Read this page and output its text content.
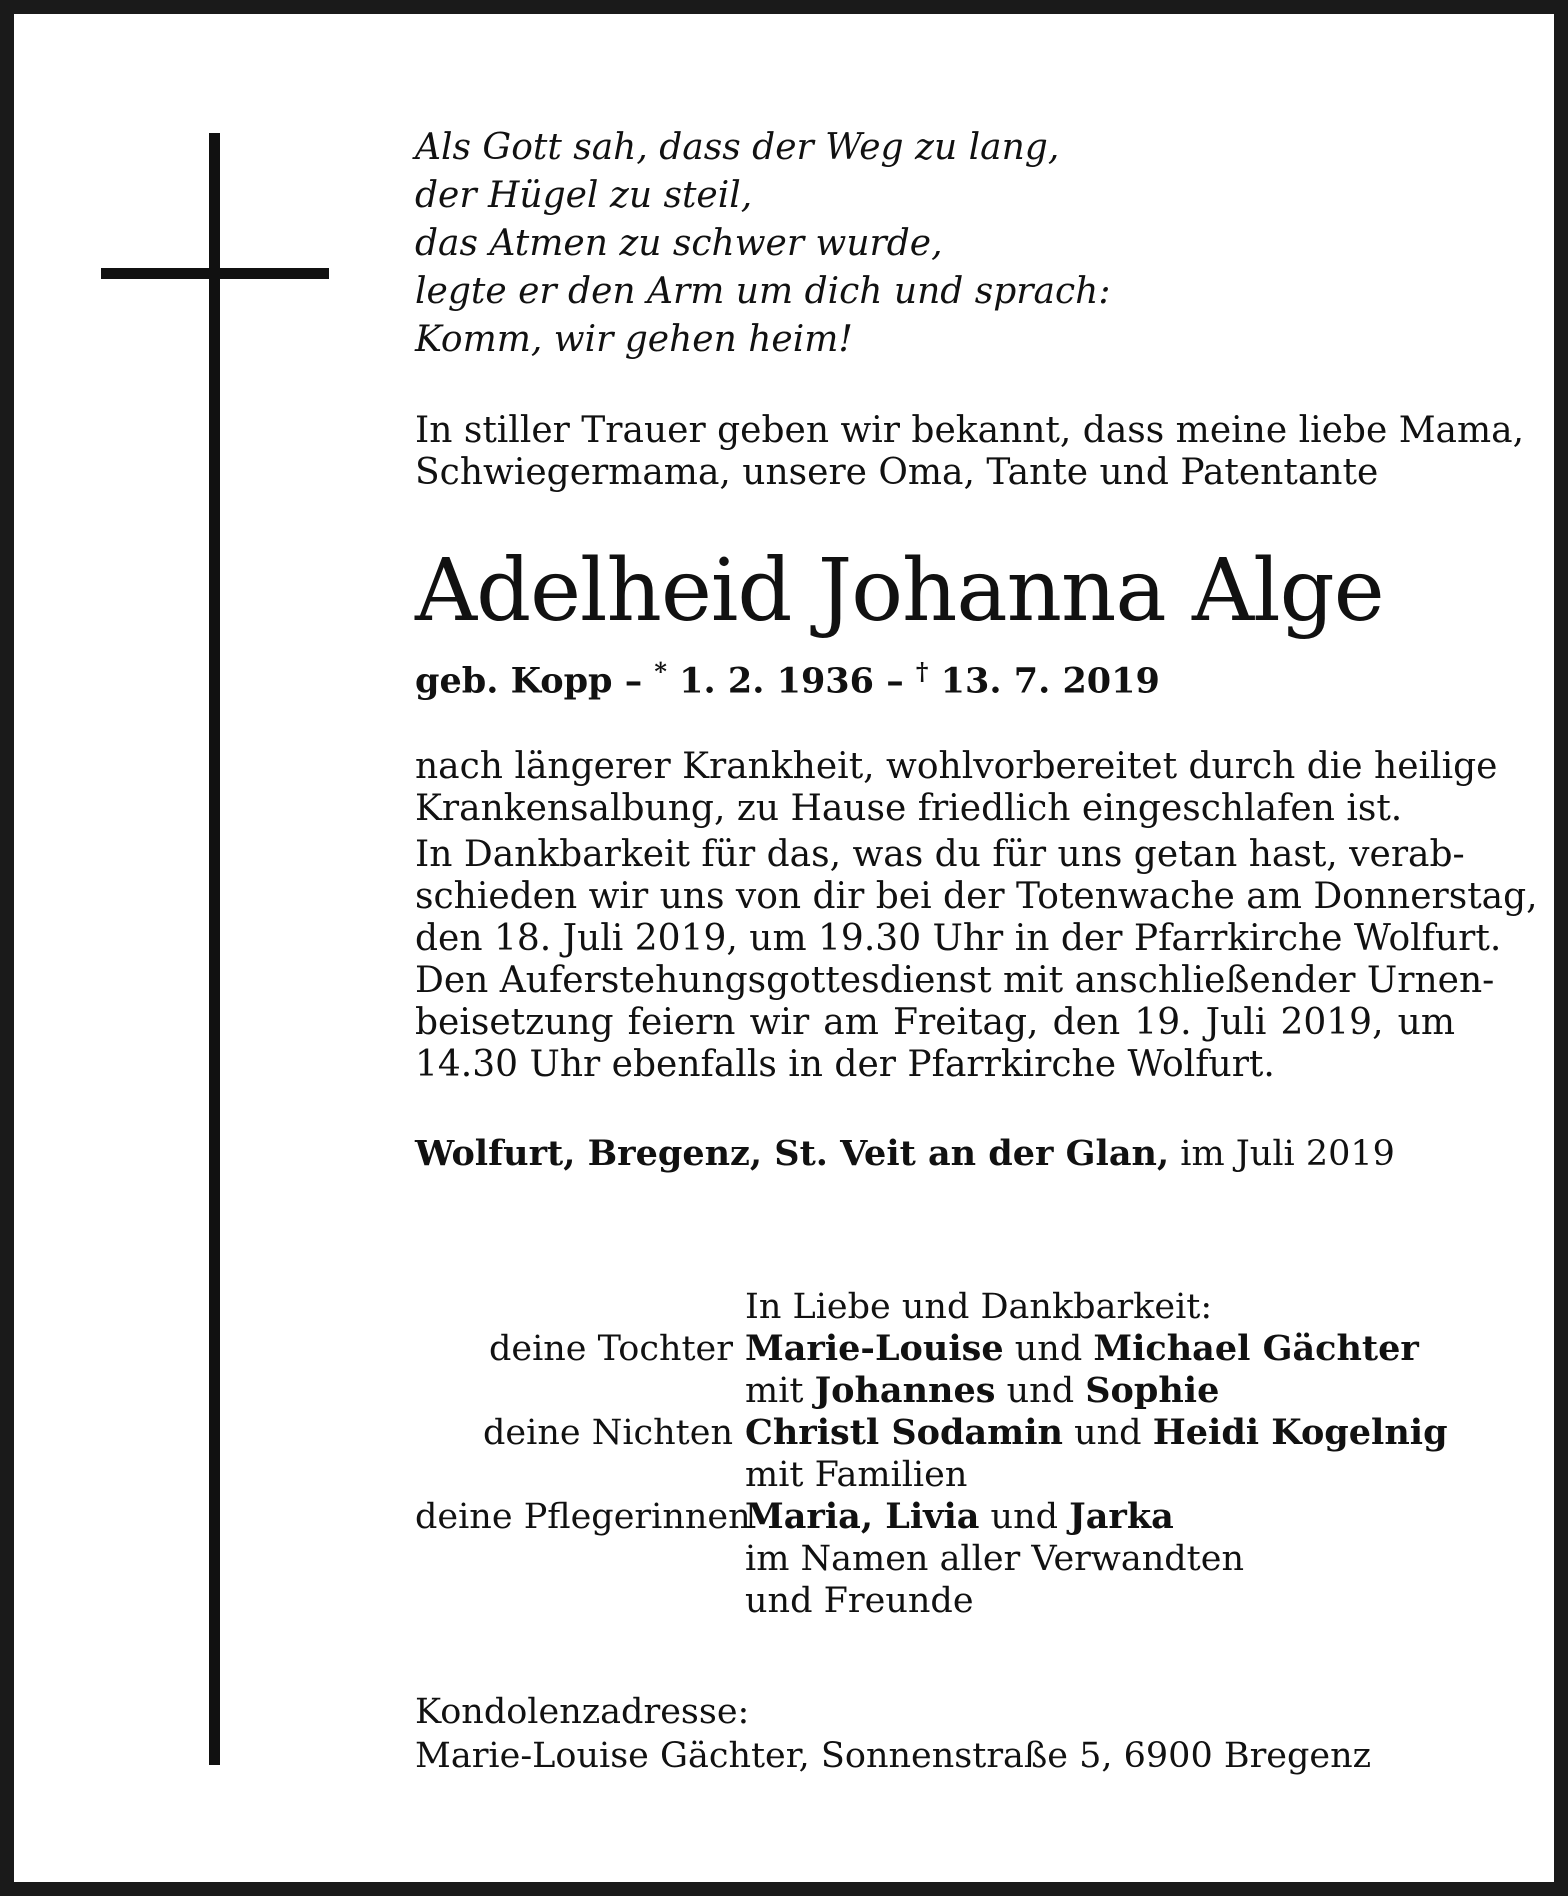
Als Gott sah, dass der Weg zu lang,
der Hügel zu steil,
das Atmen zu schwer wurde,
legte er den Arm um dich und sprach:
Komm, wir gehen heim!
In stiller Trauer geben wir bekannt, dass meine liebe Mama,
Schwiegermama, unsere Oma, Tante und Patentante
Adelheid Johanna Alge
geb. Kopp – * 1. 2. 1936 – † 13. 7. 2019
nach längerer Krankheit, wohlvorbereitet durch die heilige
Krankensalbung, zu Hause friedlich eingeschlafen ist.
In Dankbarkeit für das, was du für uns getan hast, verab-
schieden wir uns von dir bei der Totenwache am Donnerstag,
den 18. Juli 2019, um 19.30 Uhr in der Pfarrkirche Wolfurt.
Den Auferstehungsgottesdienst mit anschließender Urnen-
beisetzung feiern wir am Freitag, den 19. Juli 2019, um
14.30 Uhr ebenfalls in der Pfarrkirche Wolfurt.
Wolfurt, Bregenz, St. Veit an der Glan, im Juli 2019
In Liebe und Dankbarkeit:
deine Tochter Marie-Louise und Michael Gächter
mit Johannes und Sophie
deine Nichten Christl Sodamin und Heidi Kogelnig
mit Familien
deine Pflegerinnen
Maria, Livia und Jarka
im Namen aller Verwandten
und Freunde
Kondolenzadresse:
Marie-Louise Gächter, Sonnenstraße 5, 6900 Bregenz
